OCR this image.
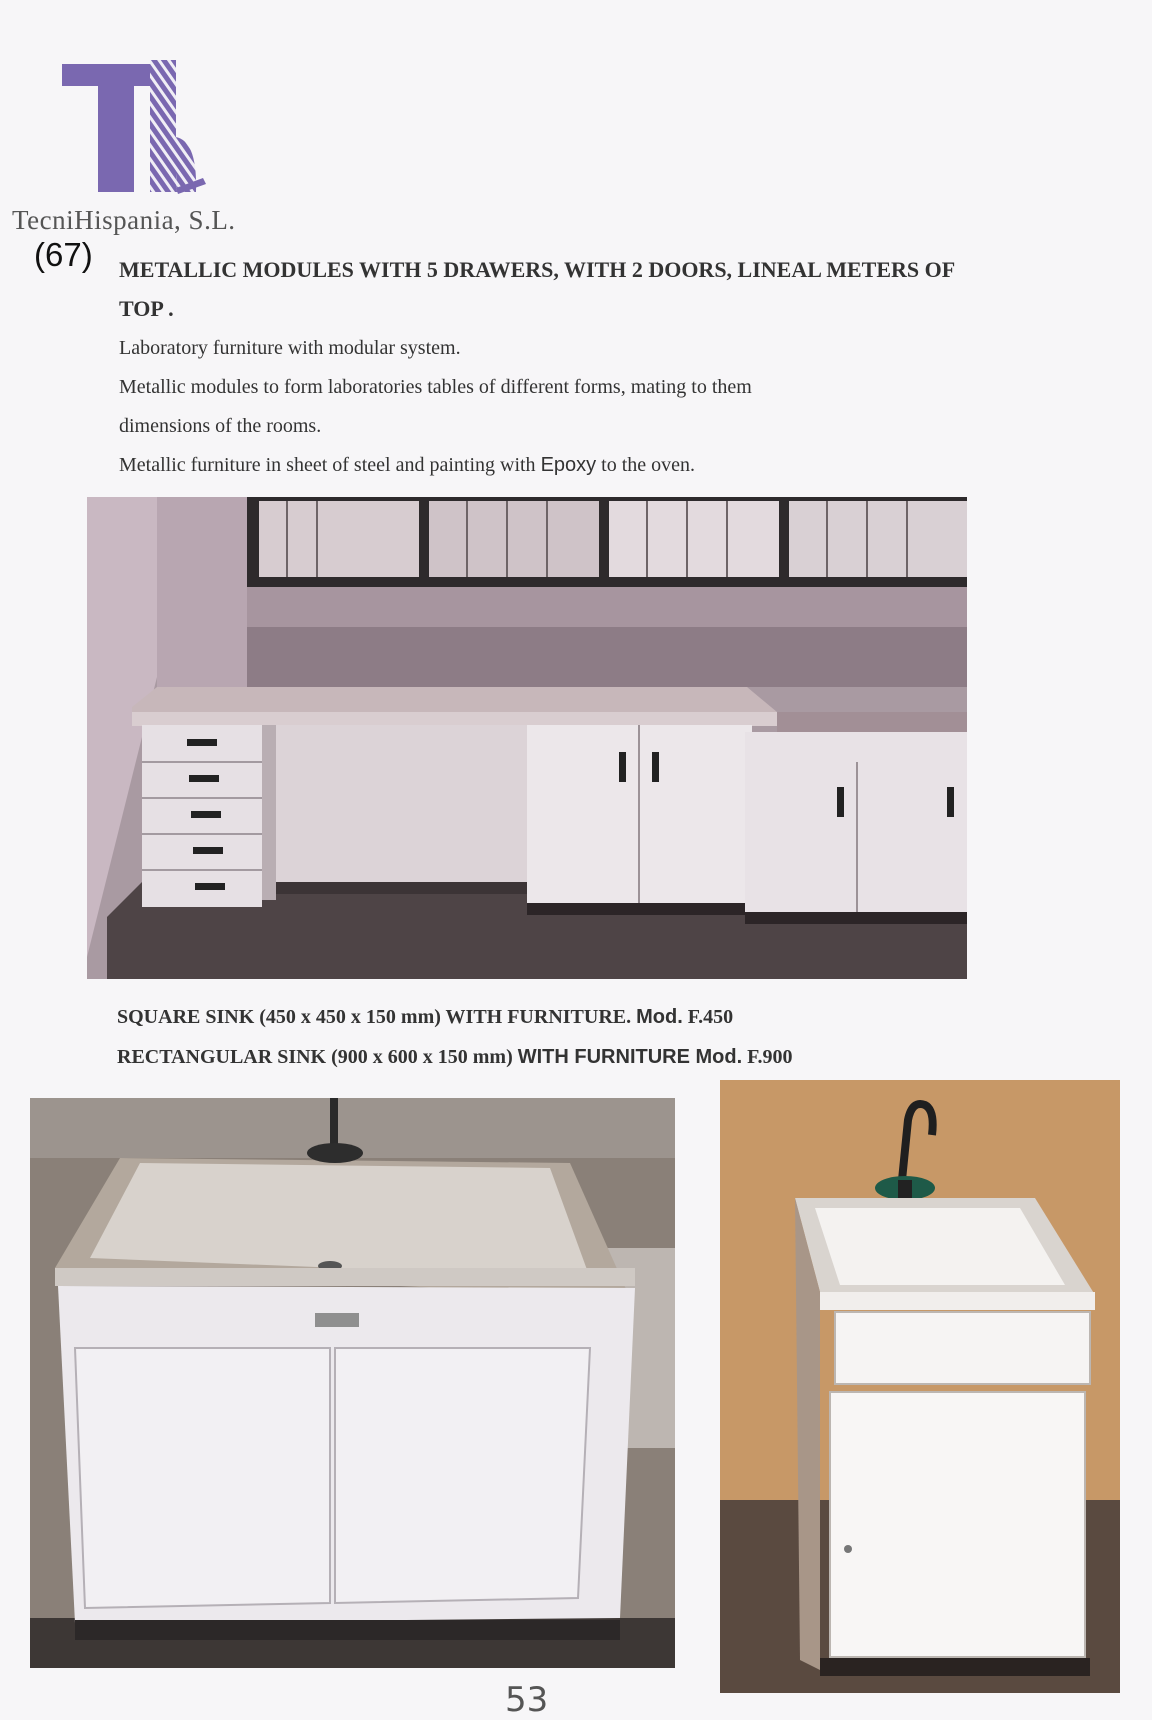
TecniHispania, S.L.
(67) METALLIC MODULES WITH 5 DRAWERS, WITH 2 DOORS, LINEAL METERS OF TOP .
Laboratory furniture with modular system.
Metallic modules to form laboratories tables of different forms, mating to them
dimensions of the rooms.
Metallic furniture in sheet of steel and painting with Epoxy to the oven.
SQUARE SINK (450 x 450 x 150 mm) WITH FURNITURE. Mod. F.450
RECTANGULAR SINK (900 x 600 x 150 mm) WITH FURNITURE Mod. F.900
53
